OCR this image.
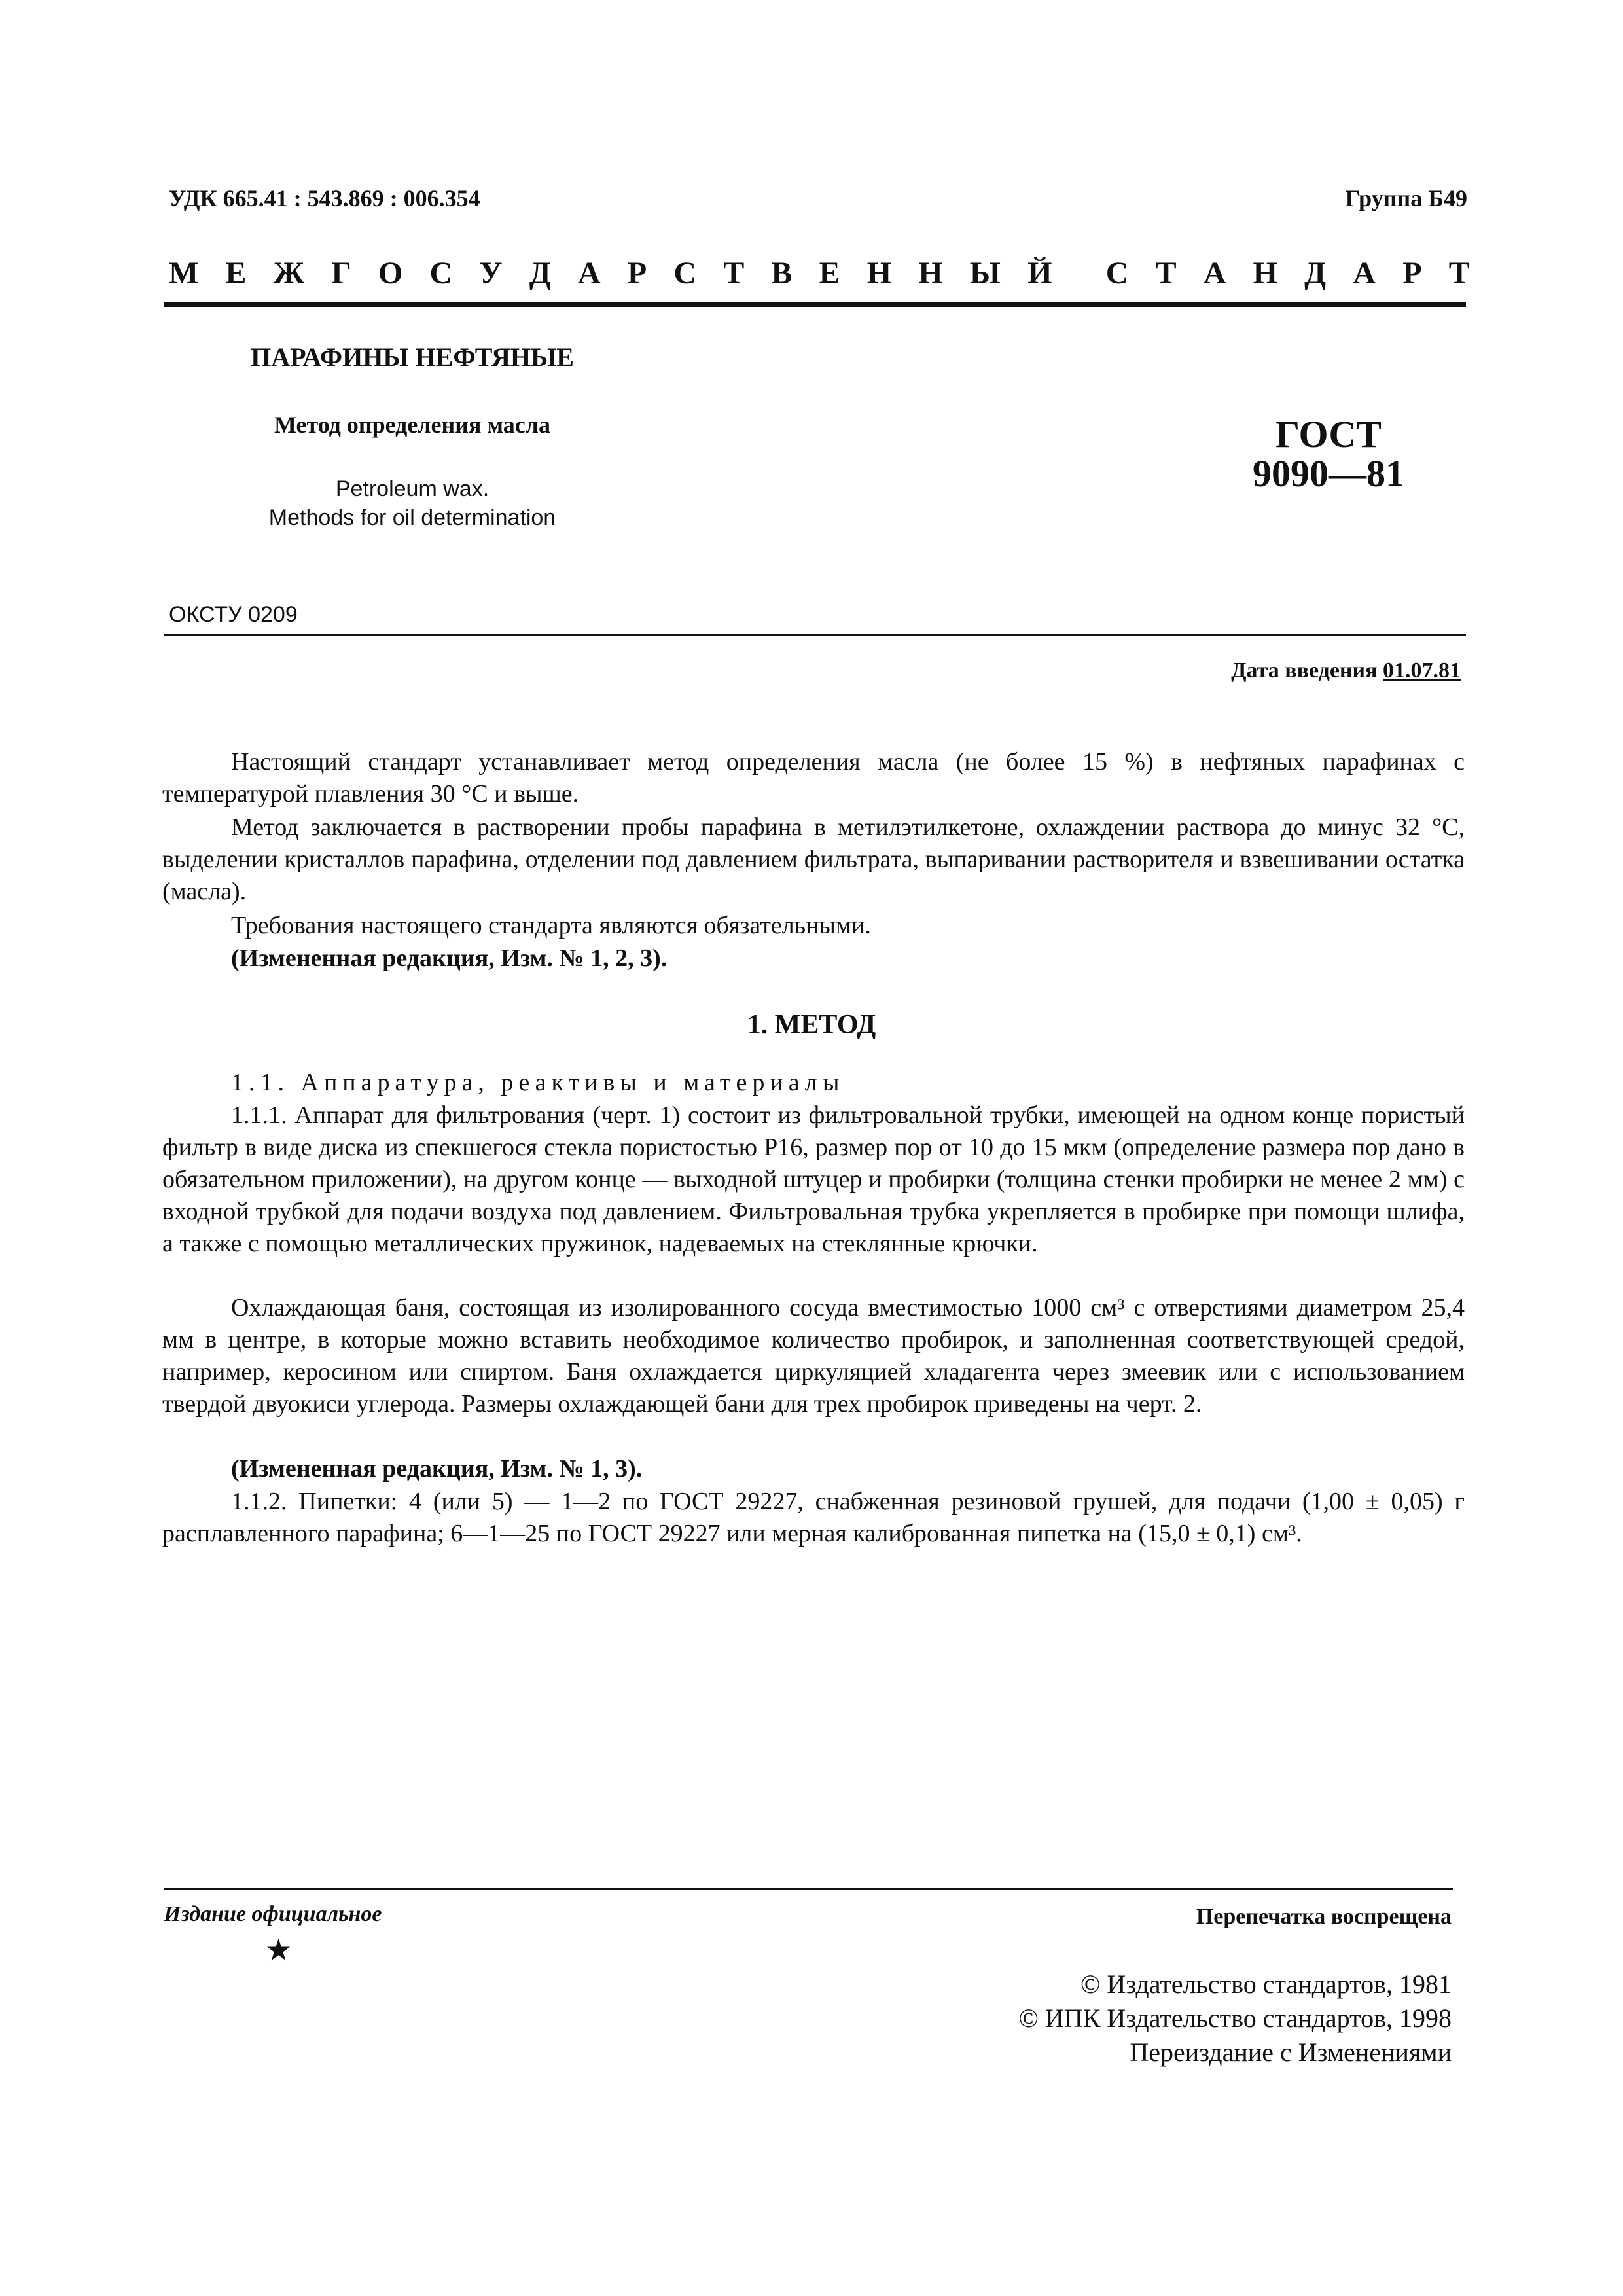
УДК 665.41 : 543.869 : 006.354	Группа Б49
М Е Ж Г О С У Д А Р С Т В Е Н Н Ы Й С Т А Н Д А Р Т
ПАРАФИНЫ НЕФТЯНЫЕ
Метод определения масла
Petroleum wax.
Methods for oil determination
ГОСТ
9090—81
ОКСТУ 0209
Дата введения 01.07.81
Настоящий стандарт устанавливает метод определения масла (не более 15 %) в нефтяных парафинах с температурой плавления 30 °С и выше.
Метод заключается в растворении пробы парафина в метилэтилкетоне, охлаждении раствора до минус 32 °С, выделении кристаллов парафина, отделении под давлением фильтрата, выпаривании растворителя и взвешивании остатка (масла).
Требования настоящего стандарта являются обязательными.
(Измененная редакция, Изм. № 1, 2, 3).
1. МЕТОД
1.1. Аппаратура, реактивы и материалы
1.1.1. Аппарат для фильтрования (черт. 1) состоит из фильтровальной трубки, имеющей на одном конце пористый фильтр в виде диска из спекшегося стекла пористостью Р16, размер пор от 10 до 15 мкм (определение размера пор дано в обязательном приложении), на другом конце — выходной штуцер и пробирки (толщина стенки пробирки не менее 2 мм) с входной трубкой для подачи воздуха под давлением. Фильтровальная трубка укрепляется в пробирке при помощи шлифа, а также с помощью металлических пружинок, надеваемых на стеклянные крючки.
Охлаждающая баня, состоящая из изолированного сосуда вместимостью 1000 см³ с отверстиями диаметром 25,4 мм в центре, в которые можно вставить необходимое количество пробирок, и заполненная соответствующей средой, например, керосином или спиртом. Баня охлаждается циркуляцией хладагента через змеевик или с использованием твердой двуокиси углерода. Размеры охлаждающей бани для трех пробирок приведены на черт. 2.
(Измененная редакция, Изм. № 1, 3).
1.1.2. Пипетки: 4 (или 5) — 1—2 по ГОСТ 29227, снабженная резиновой грушей, для подачи (1,00 ± 0,05) г расплавленного парафина; 6—1—25 по ГОСТ 29227 или мерная калиброванная пипетка на (15,0 ± 0,1) см³.
Издание официальное	Перепечатка воспрещена
★
© Издательство стандартов, 1981
© ИПК Издательство стандартов, 1998
Переиздание с Изменениями
